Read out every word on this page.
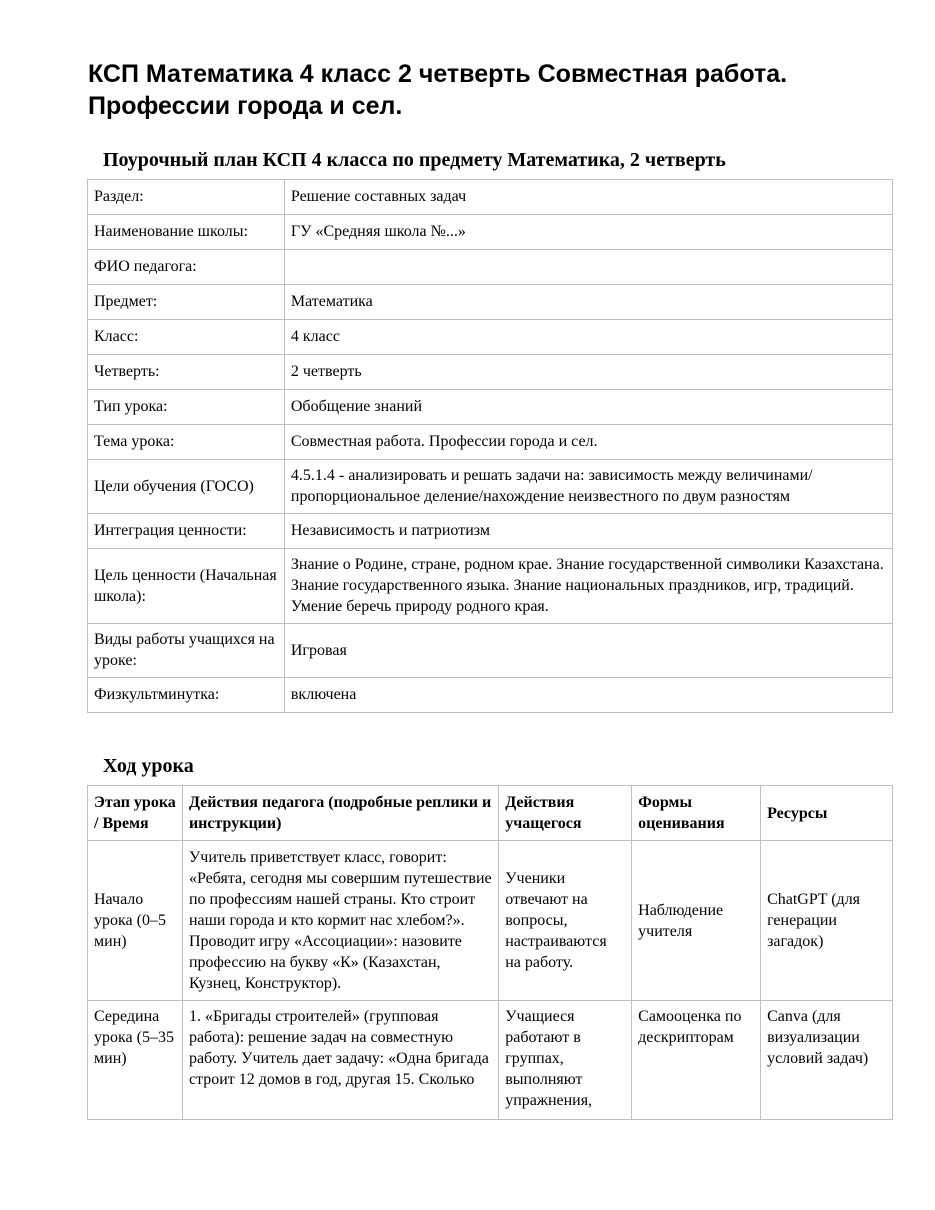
КСП Математика 4 класс 2 четверть Совместная работа.
Профессии города и сел.
Поурочный план КСП 4 класса по предмету Математика, 2 четверть
Раздел:	Решение составных задач
Наименование школы:	ГУ «Средняя школа №...»
ФИО педагога:	
Предмет:	Математика
Класс:	4 класс
Четверть:	2 четверть
Тип урока:	Обобщение знаний
Тема урока:	Совместная работа. Профессии города и сел.
Цели обучения (ГОСО)	4.5.1.4 - анализировать и решать задачи на: зависимость между величинами/ пропорциональное деление/нахождение неизвестного по двум разностям
Интеграция ценности:	Независимость и патриотизм
Цель ценности (Начальная школа):	Знание о Родине, стране, родном крае. Знание государственной символики Казахстана. Знание государственного языка. Знание национальных праздников, игр, традиций. Умение беречь природу родного края.
Виды работы учащихся на уроке:	Игровая
Физкультминутка:	включена
Ход урока
Этап урока / Время	Действия педагога (подробные реплики и инструкции)	Действия учащегося	Формы оценивания	Ресурсы
Начало урока (0–5 мин)	Учитель приветствует класс, говорит: «Ребята, сегодня мы совершим путешествие по профессиям нашей страны. Кто строит наши города и кто кормит нас хлебом?». Проводит игру «Ассоциации»: назовите профессию на букву «К» (Казахстан, Кузнец, Конструктор).	Ученики отвечают на вопросы, настраиваются на работу.	Наблюдение учителя	ChatGPT (для генерации загадок)
Середина урока (5–35 мин)	1. «Бригады строителей» (групповая работа): решение задач на совместную работу. Учитель дает задачу: «Одна бригада строит 12 домов в год, другая 15. Сколько	Учащиеся работают в группах, выполняют упражнения,	Самооценка по дескрипторам	Canva (для визуализации условий задач)
